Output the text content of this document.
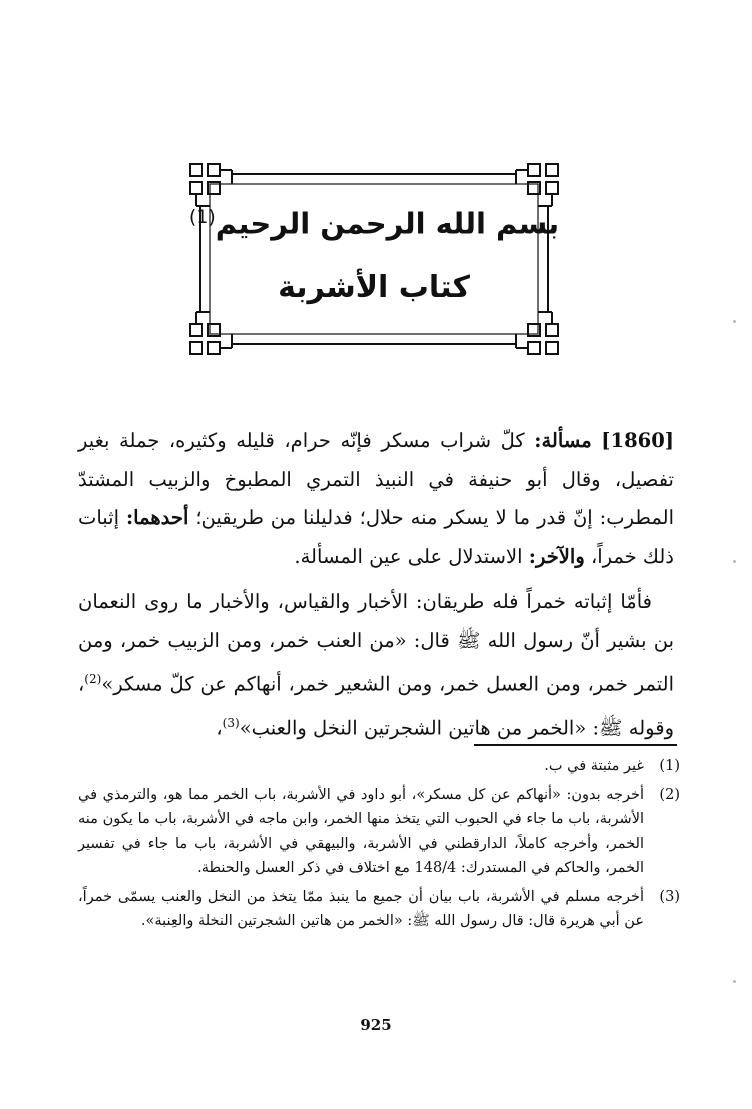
بسم الله الرحمن الرحيم$^{(1)}$
كتاب الأشربة
[1860] مسألة: كلّ شراب مسكر فإنّه حرام، قليله وكثيره، جملة بغير تفصيل، وقال أبو حنيفة في النبيذ التمري المطبوخ والزبيب المشتدّ المطرب: إنّ قدر ما لا يسكر منه حلال؛ فدليلنا من طريقين؛ أحدهما: إثبات ذلك خمراً، والآخر: الاستدلال على عين المسألة.
فأمّا إثباته خمراً فله طريقان: الأخبار والقياس، والأخبار ما روى النعمان بن بشير أنّ رسول الله ﷺ قال: «من العنب خمر، ومن الزبيب خمر، ومن التمر خمر، ومن العسل خمر، ومن الشعير خمر، أنهاكم عن كلّ مسكر»$^{(2)}$، وقوله ﷺ: «الخمر من هاتين الشجرتين النخل والعنب»$^{(3)}$،
(1)
غير مثبتة في ب.
(2)
أخرجه بدون: «أنهاكم عن كل مسكر»، أبو داود في الأشربة، باب الخمر مما هو، والترمذي في الأشربة، باب ما جاء في الحبوب التي يتخذ منها الخمر، وابن ماجه في الأشربة، باب ما يكون منه الخمر، وأخرجه كاملاً، الدارقطني في الأشربة، والبيهقي في الأشربة، باب ما جاء في تفسير الخمر، والحاكم في المستدرك: 148/4 مع اختلاف في ذكر العسل والحنطة.
(3)
أخرجه مسلم في الأشربة، باب بيان أن جميع ما ينبذ ممّا يتخذ من النخل والعنب يسمّى خمراً، عن أبي هريرة قال: قال رسول الله ﷺ: «الخمر من هاتين الشجرتين النخلة والعِنبة».
925
